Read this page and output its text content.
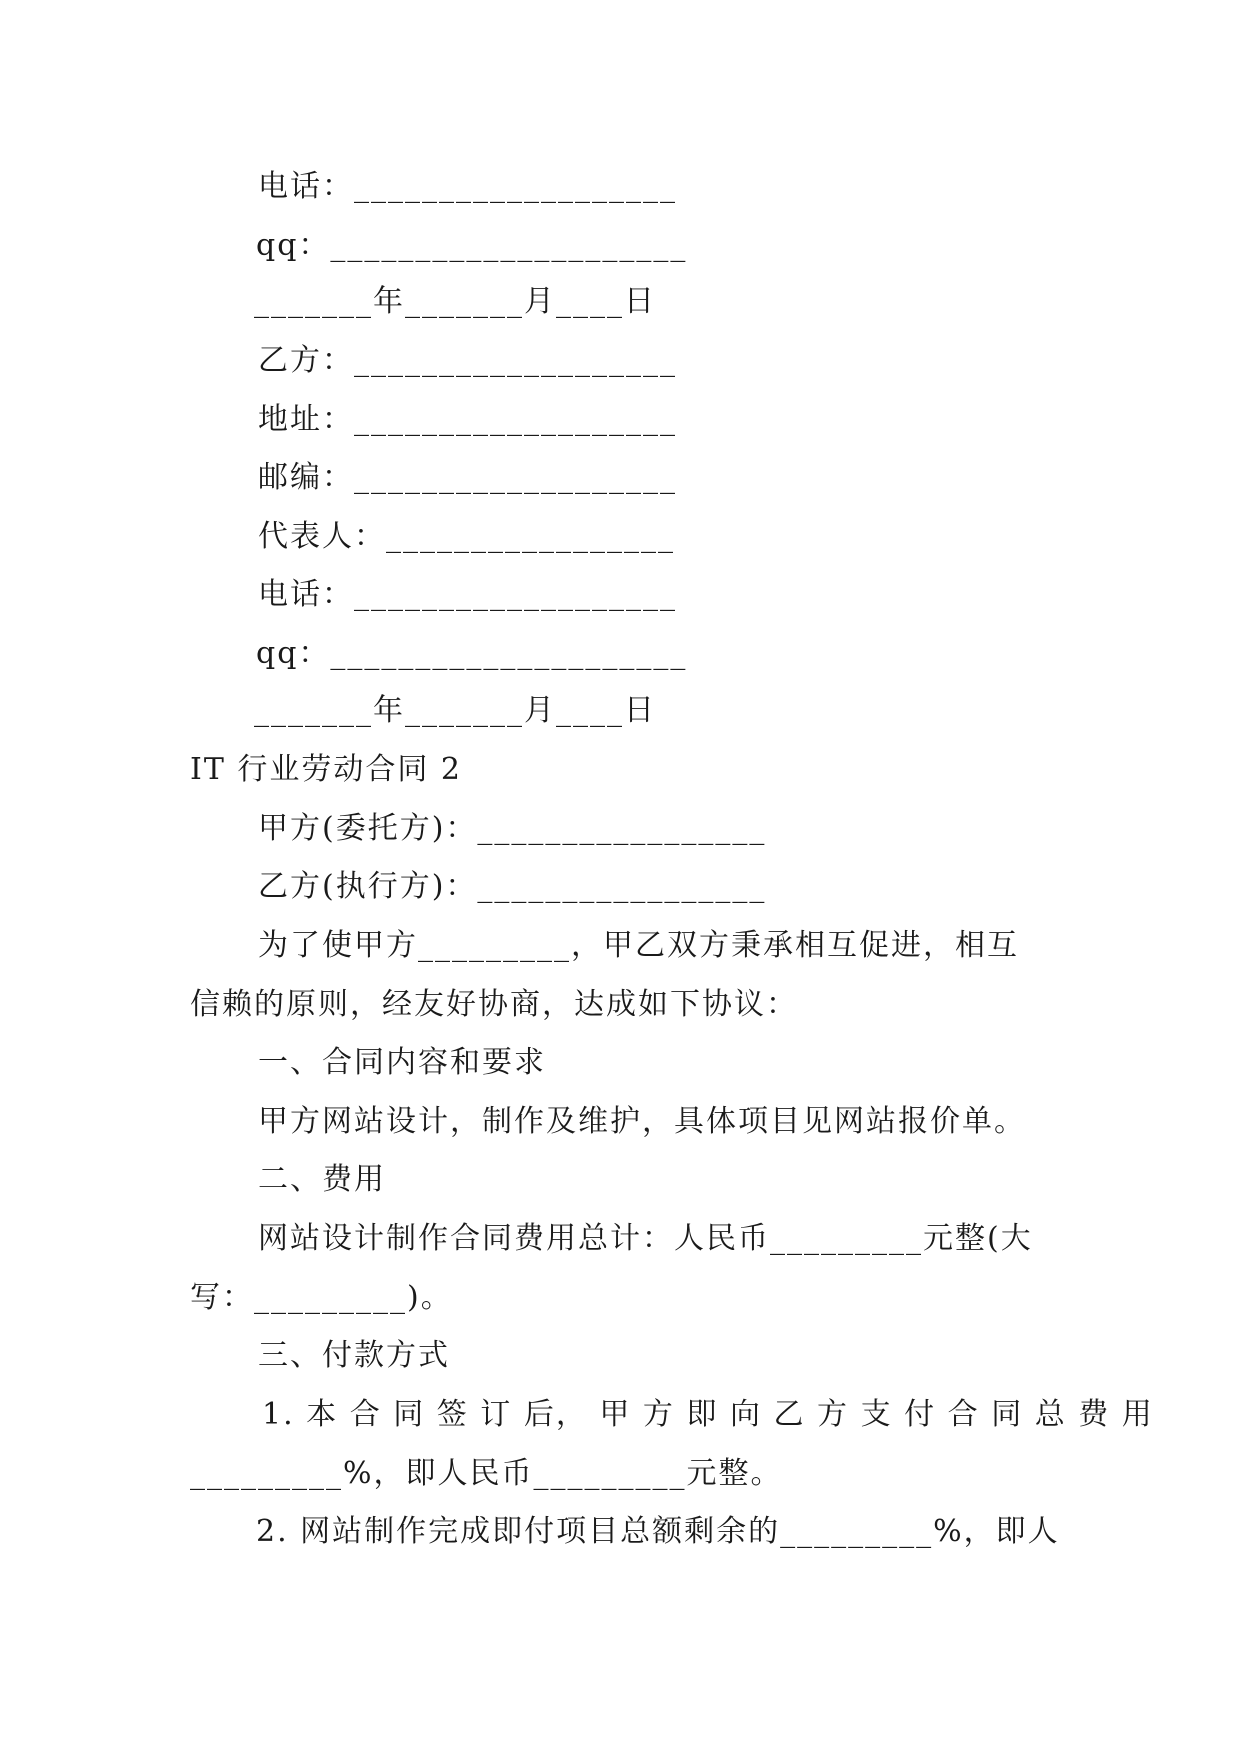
电话：___________________
qq：_____________________
_______年_______月____日
乙方：___________________
地址：___________________
邮编：___________________
代表人：_________________
电话：___________________
qq：_____________________
_______年_______月____日
IT 行业劳动合同 2
甲方(委托方)：_________________
乙方(执行方)：_________________
为了使甲方_________，甲乙双方秉承相互促进，相互
信赖的原则，经友好协商，达成如下协议：
一、合同内容和要求
甲方网站设计，制作及维护，具体项目见网站报价单。
二、费用
网站设计制作合同费用总计：人民币_________元整(大
写：_________)。
三、付款方式
1. 本 合 同 签 订 后， 甲 方 即 向 乙 方 支 付 合 同 总 费 用
_________%，即人民币_________元整。
2. 网站制作完成即付项目总额剩余的_________%，即人
